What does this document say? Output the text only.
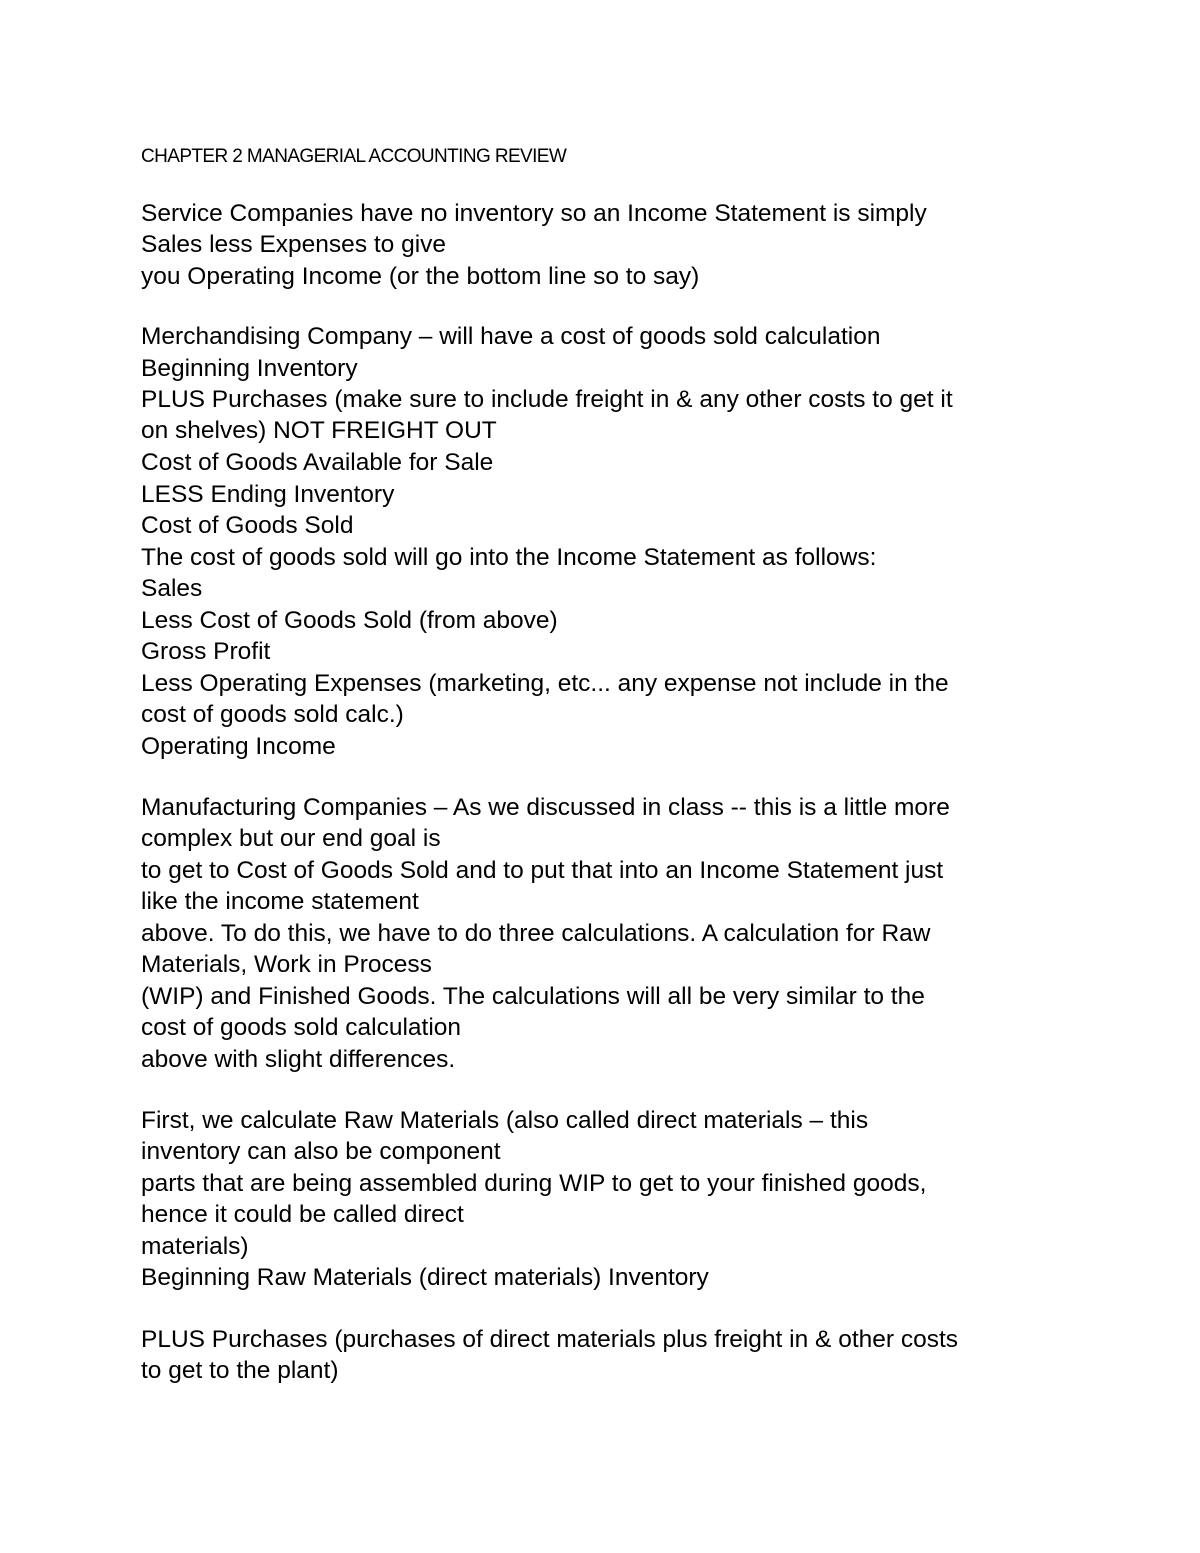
CHAPTER 2 MANAGERIAL ACCOUNTING REVIEW
Service Companies have no inventory so an Income Statement is simply
Sales less Expenses to give
you Operating Income (or the bottom line so to say)
Merchandising Company – will have a cost of goods sold calculation
Beginning Inventory
PLUS Purchases (make sure to include freight in & any other costs to get it
on shelves) NOT FREIGHT OUT
Cost of Goods Available for Sale
LESS Ending Inventory
Cost of Goods Sold
The cost of goods sold will go into the Income Statement as follows:
Sales
Less Cost of Goods Sold (from above)
Gross Profit
Less Operating Expenses (marketing, etc... any expense not include in the
cost of goods sold calc.)
Operating Income
Manufacturing Companies – As we discussed in class -- this is a little more
complex but our end goal is
to get to Cost of Goods Sold and to put that into an Income Statement just
like the income statement
above. To do this, we have to do three calculations. A calculation for Raw
Materials, Work in Process
(WIP) and Finished Goods. The calculations will all be very similar to the
cost of goods sold calculation
above with slight differences.
First, we calculate Raw Materials (also called direct materials – this
inventory can also be component
parts that are being assembled during WIP to get to your finished goods,
hence it could be called direct
materials)
Beginning Raw Materials (direct materials) Inventory
PLUS Purchases (purchases of direct materials plus freight in & other costs
to get to the plant)
